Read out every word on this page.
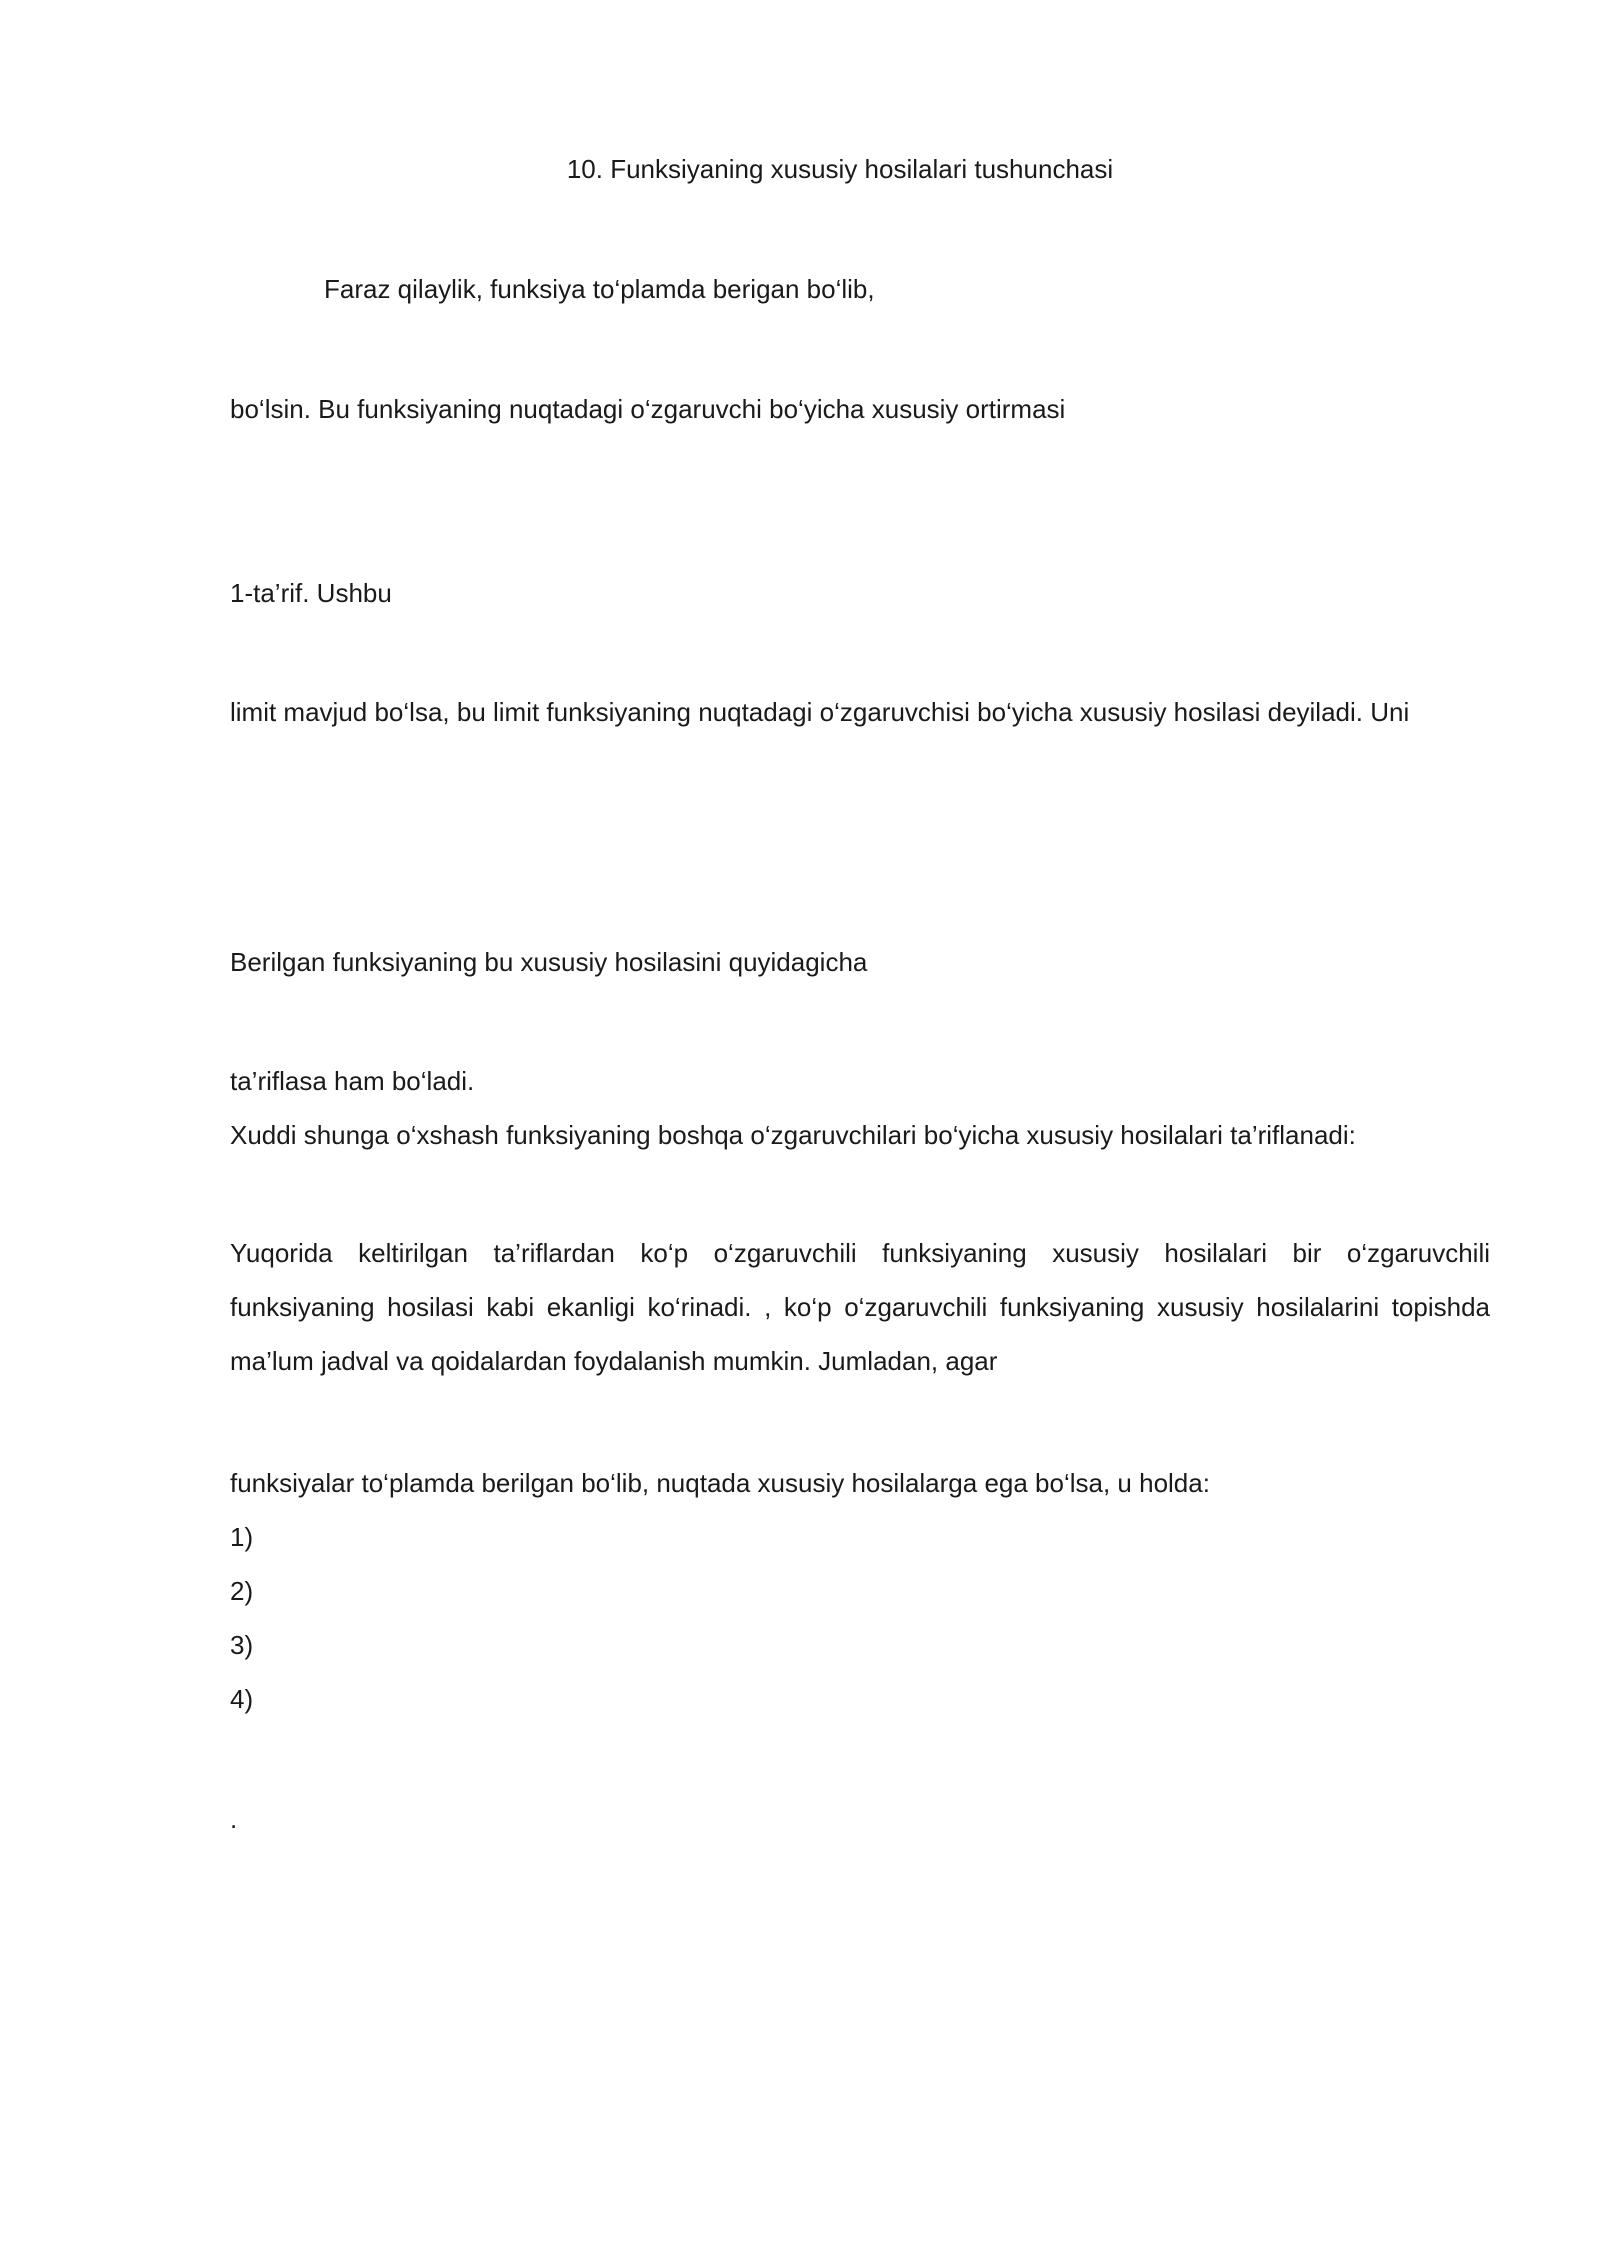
10. Funksiyaning xususiy hosilalari tushunchasi
Faraz qilaylik, funksiya to‘plamda berigan bo‘lib,
bo‘lsin. Bu funksiyaning nuqtadagi o‘zgaruvchi bo‘yicha xususiy ortirmasi
1-ta’rif. Ushbu
limit mavjud bo‘lsa, bu limit funksiyaning nuqtadagi o‘zgaruvchisi bo‘yicha xususiy hosilasi deyiladi. Uni
Berilgan funksiyaning bu xususiy hosilasini quyidagicha
ta’riflasa ham bo‘ladi.
Xuddi shunga o‘xshash funksiyaning boshqa o‘zgaruvchilari bo‘yicha xususiy hosilalari ta’riflanadi:
Yuqorida keltirilgan ta’riflardan ko‘p o‘zgaruvchili funksiyaning xususiy hosilalari bir o‘zgaruvchili
funksiyaning hosilasi kabi ekanligi ko‘rinadi. , ko‘p o‘zgaruvchili funksiyaning xususiy hosilalarini topishda
ma’lum jadval va qoidalardan foydalanish mumkin. Jumladan, agar
funksiyalar to‘plamda berilgan bo‘lib, nuqtada xususiy hosilalarga ega bo‘lsa, u holda:
1)
2)
3)
4)
.
